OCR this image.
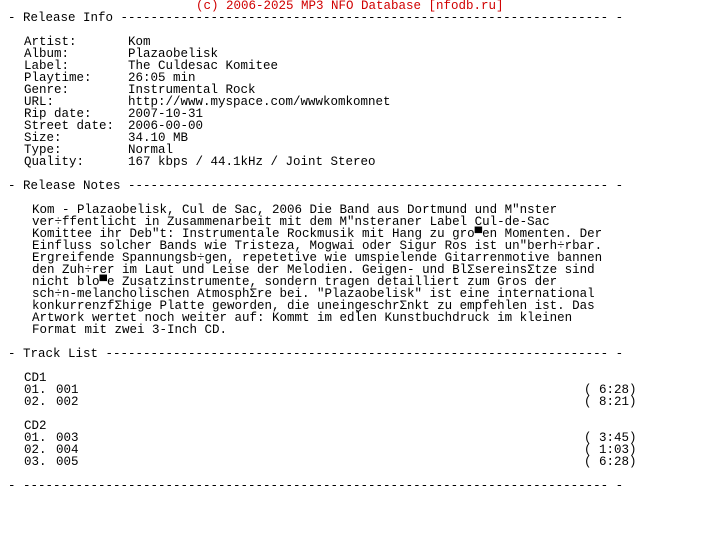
(c) 2006-2025 MP3 NFO Database [nfodb.ru]
- Release Info ----------------------------------------------------------------- -
Artist:	Kom
Album:	Plazaobelisk
Label:	The Culdesac Komitee
Playtime:	26:05 min
Genre:	Instrumental Rock
URL:	http://www.myspace.com/wwwkomkomnet
Rip date:	2007-10-31
Street date: 2006-00-00
Size:	34.10 MB
Type:	Normal
Quality:	167 kbps / 44.1kHz / Joint Stereo
- Release Notes ---------------------------------------------------------------- -
Kom - Plazaobelisk, Cul de Sac, 2006 Die Band aus Dortmund und M"nster
ver÷ffentlicht in Zusammenarbeit mit dem M"nsteraner Label Cul-de-Sac
Komittee ihr Deb"t: Instrumentale Rockmusik mit Hang zu gro▀en Momenten. Der
Einfluss solcher Bands wie Tristeza, Mogwai oder Sigur Ros ist un"berh÷rbar.
Ergreifende Spannungsb÷gen, repetetive wie umspielende Gitarrenmotive bannen
den Zuh÷rer im Laut und Leise der Melodien. Geigen- und BlΣsereinsΣtze sind
nicht blo▀e Zusatzinstrumente, sondern tragen detailliert zum Gros der
sch÷n-melancholischen AtmosphΣre bei. "Plazaobelisk" ist eine international
konkurrenzfΣhige Platte geworden, die uneingeschrΣnkt zu empfehlen ist. Das
Artwork wertet noch weiter auf: Kommt im edlen Kunstbuchdruck im kleinen
Format mit zwei 3-Inch CD.
- Track List ------------------------------------------------------------------- -
CD1
01. 001	( 6:28)
02. 002	( 8:21)
CD2
01. 003	( 3:45)
02. 004	( 1:03)
03. 005	( 6:28)
- ------------------------------------------------------------------------------ -
